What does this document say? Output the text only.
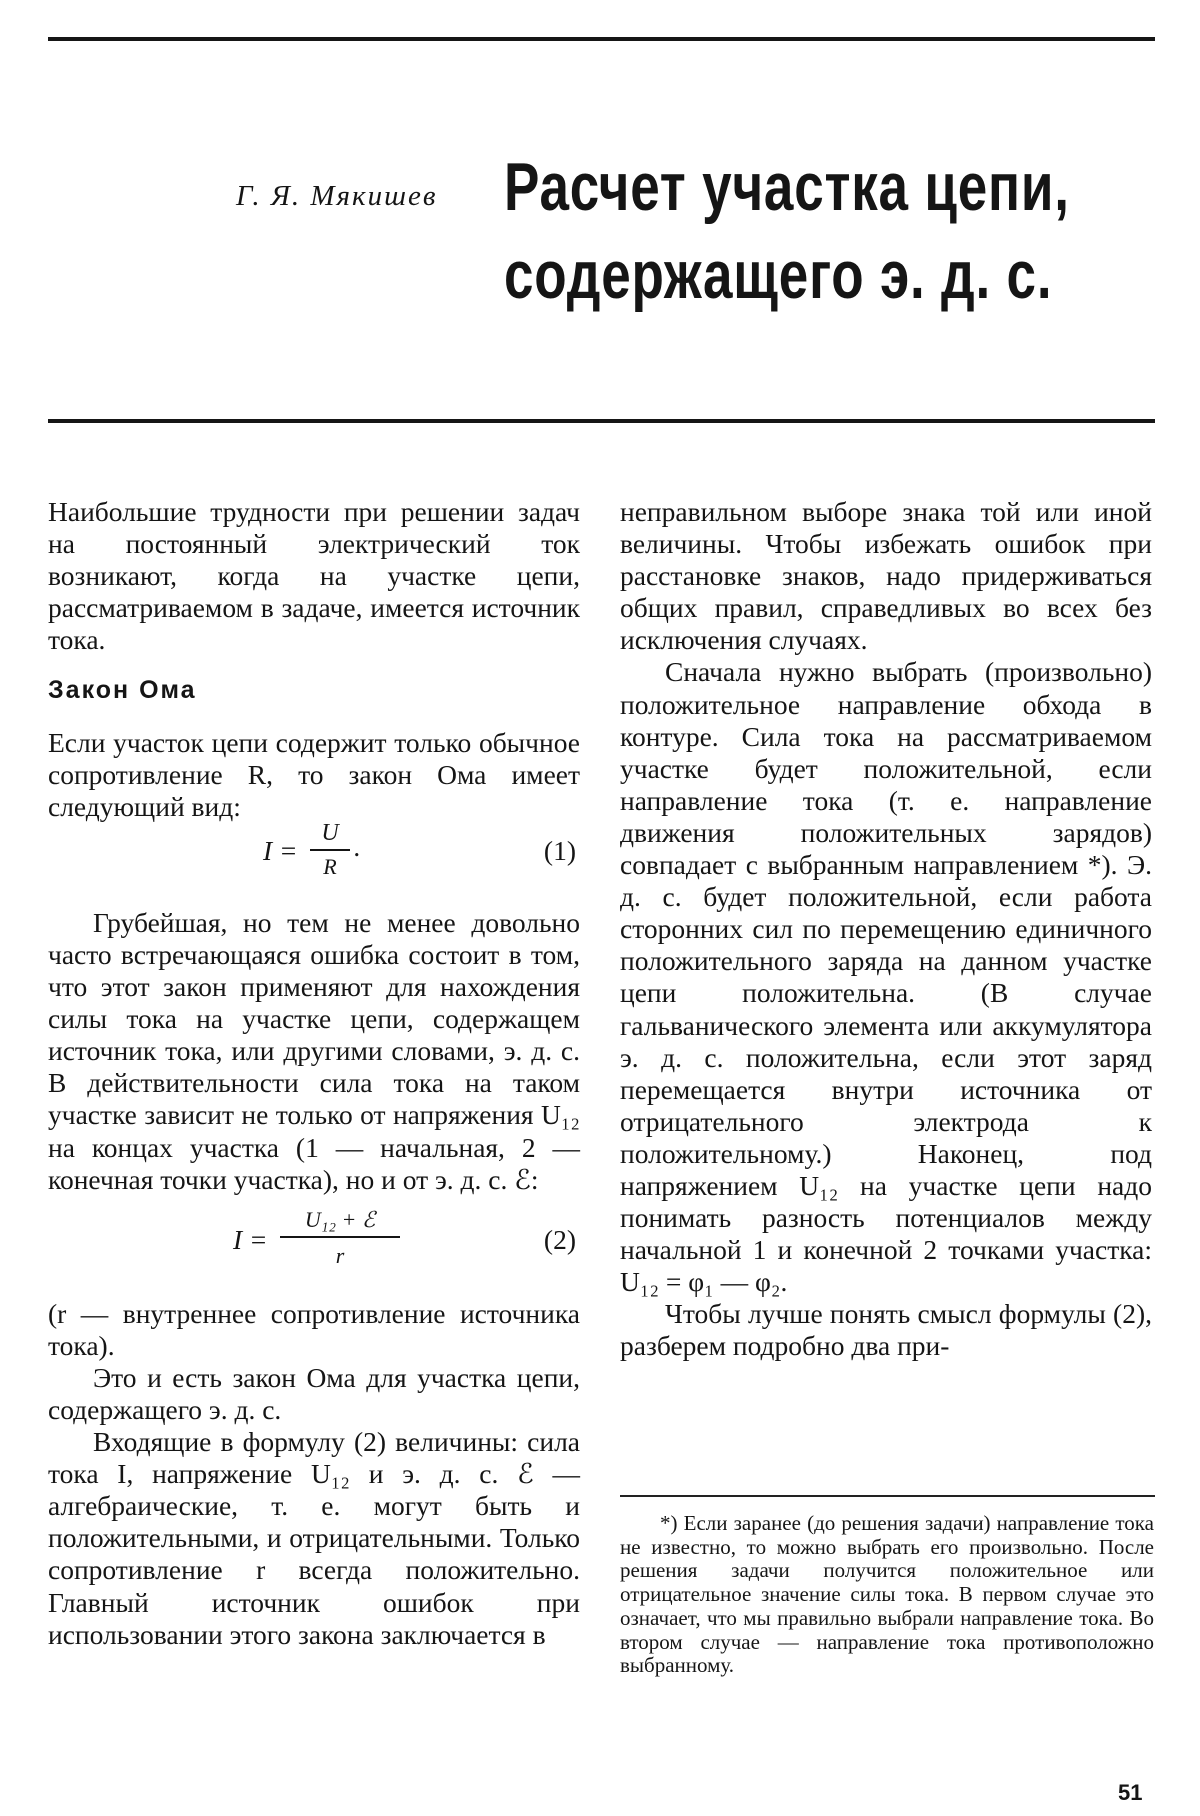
Г. Я. Мякишев Расчет участка цепи,
содержащего э. д. с.

Наибольшие трудности при решении задач на постоянный электрический ток возникают, когда на участке цепи, рассматриваемом в задаче, имеется источник тока.

Закон Ома

Если участок цепи содержит только обычное сопротивление R, то закон Ома имеет следующий вид:

I =
U
R
.	(1)

Грубейшая, но тем не менее довольно часто встречающаяся ошибка состоит в том, что этот закон применяют для нахождения силы тока на участке цепи, содержащем источник тока, или другими словами, э. д. с. В действительности сила тока на таком участке зависит не только от напряжения U₁₂ на концах участка (1 — начальная, 2 — конечная точки участка), но и от э. д. с. ℰ:

I =
U₁₂ + ℰ
r
(2)

(r — внутреннее сопротивление источника тока).

Это и есть закон Ома для участка цепи, содержащего э. д. с.

Входящие в формулу (2) величины: сила тока I, напряжение U₁₂ и э. д. с. ℰ — алгебраические, т. е. могут быть и положительными, и отрицательными. Только сопротивление r всегда положительно. Главный источник ошибок при использовании этого закона заключается в

неправильном выборе знака той или иной величины. Чтобы избежать ошибок при расстановке знаков, надо придерживаться общих правил, справедливых во всех без исключения случаях.

Сначала нужно выбрать (произвольно) положительное направление обхода в контуре. Сила тока на рассматриваемом участке будет положительной, если направление тока (т. е. направление движения положительных зарядов) совпадает с выбранным направлением *). Э. д. с. будет положительной, если работа сторонних сил по перемещению единичного положительного заряда на данном участке цепи положительна. (В случае гальванического элемента или аккумулятора э. д. с. положительна, если этот заряд перемещается внутри источника от отрицательного электрода к положительному.) Наконец, под напряжением U₁₂ на участке цепи надо понимать разность потенциалов между начальной 1 и конечной 2 точками участка: U₁₂ = φ₁ — φ₂.

Чтобы лучше понять смысл формулы (2), разберем подробно два при-

*) Если заранее (до решения задачи) направление тока не известно, то можно выбрать его произвольно. После решения задачи получится положительное или отрицательное значение силы тока. В первом случае это означает, что мы правильно выбрали направление тока. Во втором случае — направление тока противоположно выбранному.
51
